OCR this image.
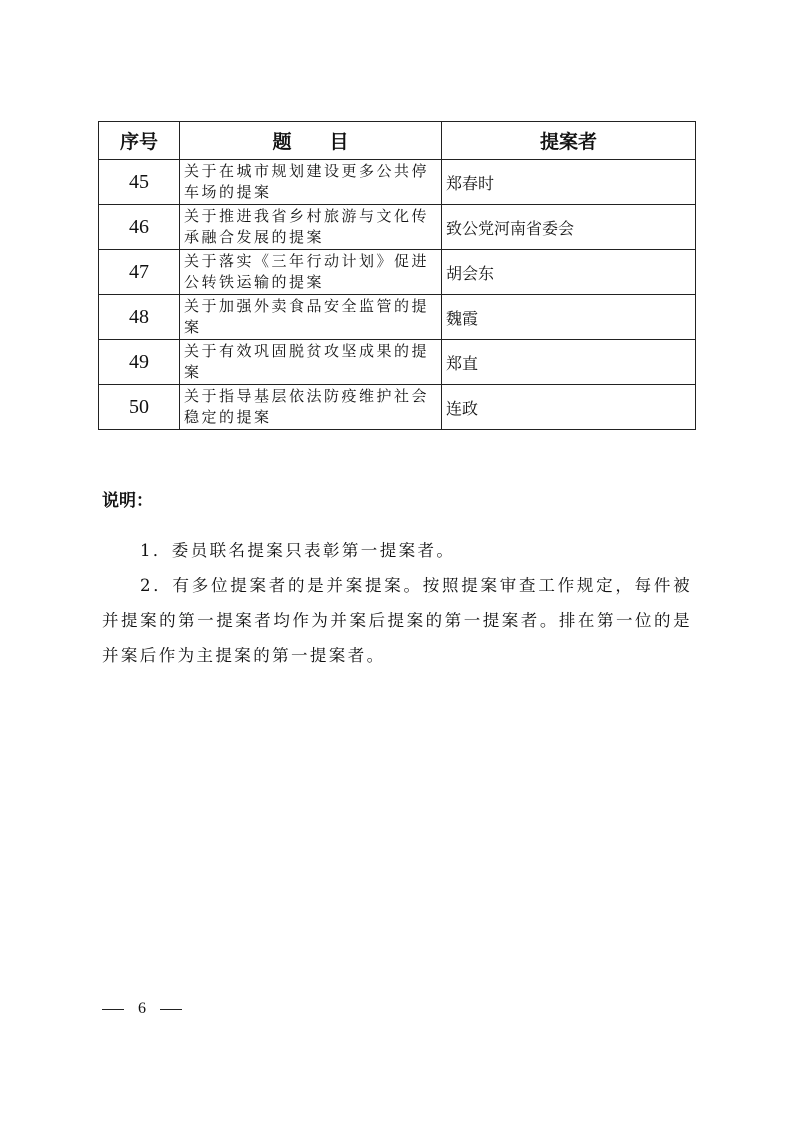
序号	题　　目	提案者
45	关于在城市规划建设更多公共停车场的提案	郑春时
46	关于推进我省乡村旅游与文化传承融合发展的提案	致公党河南省委会
47	关于落实《三年行动计划》促进公转铁运输的提案	胡会东
48	关于加强外卖食品安全监管的提案	魏霞
49	关于有效巩固脱贫攻坚成果的提案	郑直
50	关于指导基层依法防疫维护社会稳定的提案	连政

说明：

1．委员联名提案只表彰第一提案者。

2．有多位提案者的是并案提案。按照提案审查工作规定，每件被并提案的第一提案者均作为并案后提案的第一提案者。排在第一位的是并案后作为主提案的第一提案者。

6
